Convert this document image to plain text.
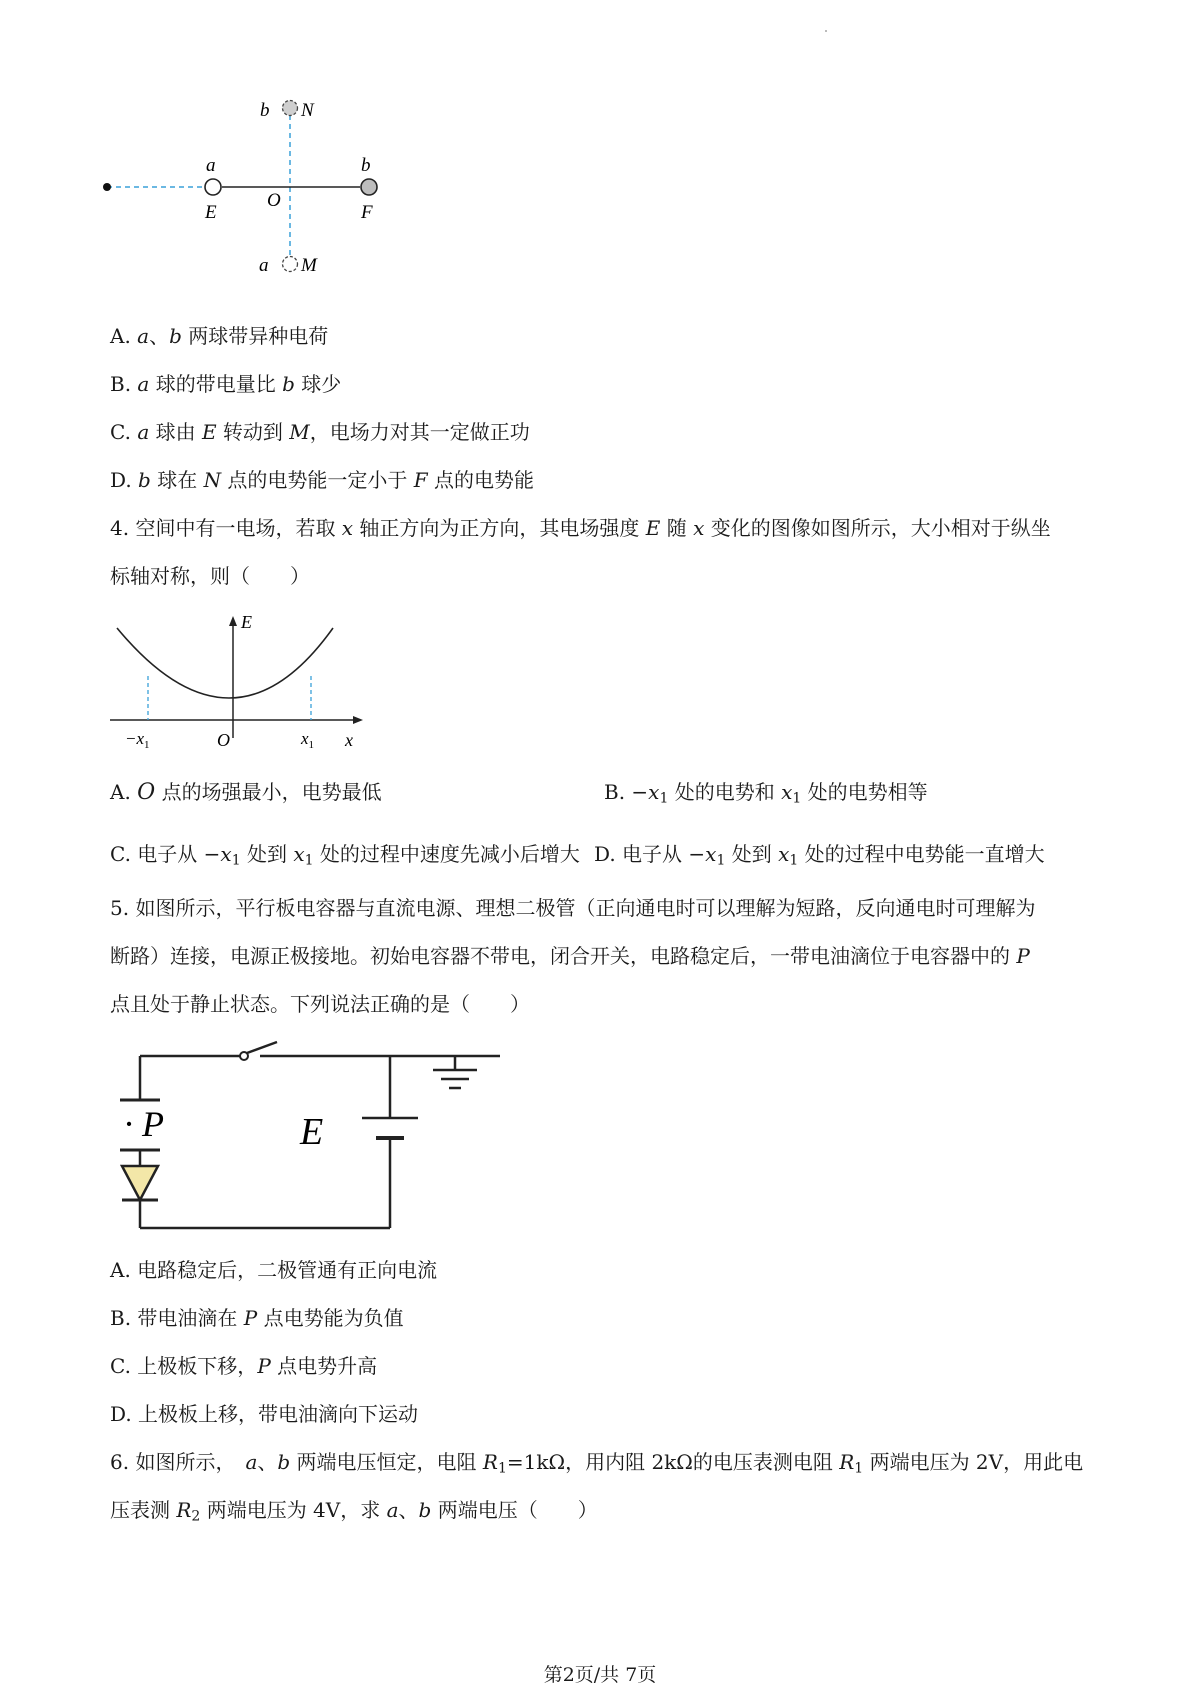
b N
a
E
O
b
F
a M
A. a、b 两球带异种电荷
B. a 球的带电量比 b 球少
C. a 球由 E 转动到 M，电场力对其一定做正功
D. b 球在 N 点的电势能一定小于 F 点的电势能
4. 空间中有一电场，若取 x 轴正方向为正方向，其电场强度 E 随 x 变化的图像如图所示，大小相对于纵坐
标轴对称，则（　　）
E
x
O
$-x_1$	$x_1$
A. O 点的场强最小，电势最低	B. $-x_1$ 处的电势和 $x_1$ 处的电势相等
C. 电子从 $-x_1$ 处到 $x_1$ 处的过程中速度先减小后增大 D. 电子从 $-x_1$ 处到 $x_1$ 处的过程中电势能一直增大
5. 如图所示，平行板电容器与直流电源、理想二极管（正向通电时可以理解为短路，反向通电时可理解为
断路）连接，电源正极接地。初始电容器不带电，闭合开关，电路稳定后，一带电油滴位于电容器中的 P
点且处于静止状态。下列说法正确的是（　　）
· P	E
A. 电路稳定后，二极管通有正向电流
B. 带电油滴在 P 点电势能为负值
C. 上极板下移，P 点电势升高
D. 上极板上移，带电油滴向下运动
6. 如图所示，　a、b 两端电压恒定，电阻 $R_1=1k\Omega$，用内阻 2kΩ的电压表测电阻 $R_1$ 两端电压为 2V，用此电
压表测 $R_2$ 两端电压为 4V，求 a、b 两端电压（　　）
第2页/共 7页
